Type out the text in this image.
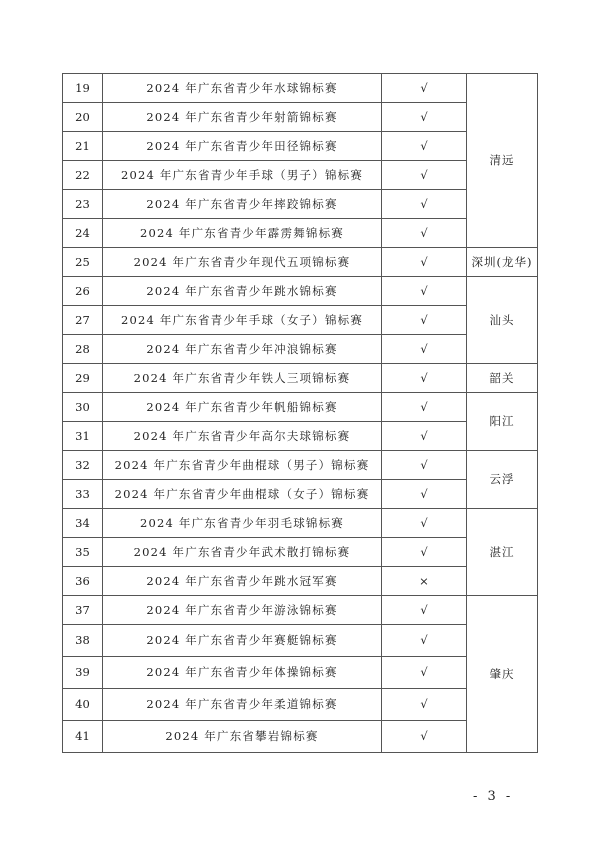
19	2024 年广东省青少年水球锦标赛	√	清远
20	2024 年广东省青少年射箭锦标赛	√	
21	2024 年广东省青少年田径锦标赛	√	
22	2024 年广东省青少年手球（男子）锦标赛	√	
23	2024 年广东省青少年摔跤锦标赛	√	
24	2024 年广东省青少年霹雳舞锦标赛	√	
25	2024 年广东省青少年现代五项锦标赛	√	深圳(龙华)
26	2024 年广东省青少年跳水锦标赛	√	汕头
27	2024 年广东省青少年手球（女子）锦标赛	√	
28	2024 年广东省青少年冲浪锦标赛	√	
29	2024 年广东省青少年铁人三项锦标赛	√	韶关
30	2024 年广东省青少年帆船锦标赛	√	阳江
31	2024 年广东省青少年高尔夫球锦标赛	√	
32	2024 年广东省青少年曲棍球（男子）锦标赛	√	云浮
33	2024 年广东省青少年曲棍球（女子）锦标赛	√	
34	2024 年广东省青少年羽毛球锦标赛	√	湛江
35	2024 年广东省青少年武术散打锦标赛	√	
36	2024 年广东省青少年跳水冠军赛	×	
37	2024 年广东省青少年游泳锦标赛	√	肇庆
38	2024 年广东省青少年赛艇锦标赛	√	
39	2024 年广东省青少年体操锦标赛	√	
40	2024 年广东省青少年柔道锦标赛	√	
41	2024 年广东省攀岩锦标赛	√	
- 3 -
